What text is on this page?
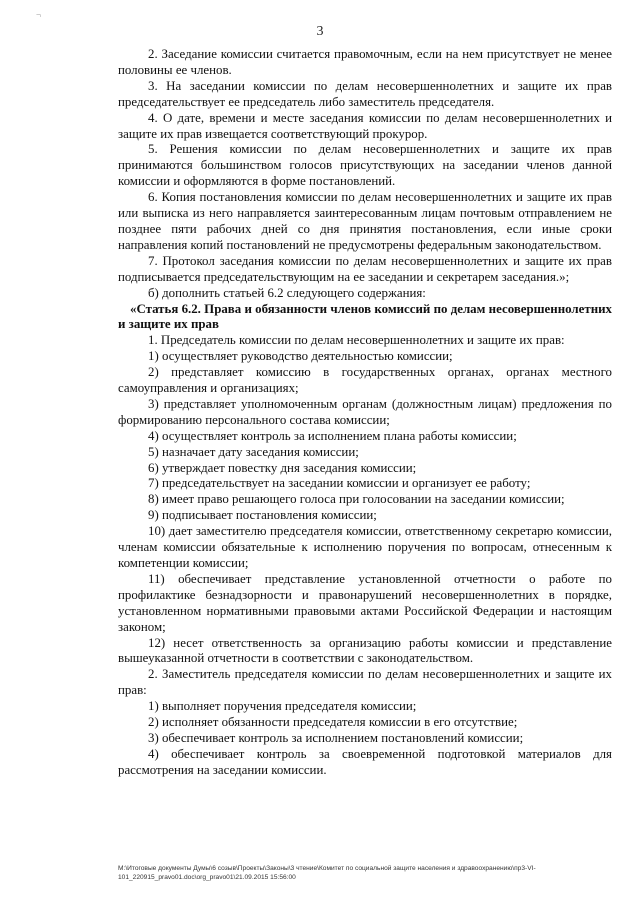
¬
3

2. Заседание комиссии считается правомочным, если на нем присутствует не менее половины ее членов.

3. На заседании комиссии по делам несовершеннолетних и защите их прав председательствует ее председатель либо заместитель председателя.

4. О дате, времени и месте заседания комиссии по делам несовершеннолетних и защите их прав извещается соответствующий прокурор.

5. Решения комиссии по делам несовершеннолетних и защите их прав принимаются большинством голосов присутствующих на заседании членов данной комиссии и оформляются в форме постановлений.

6. Копия постановления комиссии по делам несовершеннолетних и защите их прав или выписка из него направляется заинтересованным лицам почтовым отправлением не позднее пяти рабочих дней со дня принятия постановления, если иные сроки направления копий постановлений не предусмотрены федеральным законодательством.

7. Протокол заседания комиссии по делам несовершеннолетних и защите их прав подписывается председательствующим на ее заседании и секретарем заседания.»;

б) дополнить статьей 6.2 следующего содержания:

«Статья 6.2. Права и обязанности членов комиссий по делам несовершеннолетних и защите их прав

1. Председатель комиссии по делам несовершеннолетних и защите их прав:

1) осуществляет руководство деятельностью комиссии;

2) представляет комиссию в государственных органах, органах местного самоуправления и организациях;

3) представляет уполномоченным органам (должностным лицам) предложения по формированию персонального состава комиссии;

4) осуществляет контроль за исполнением плана работы комиссии;

5) назначает дату заседания комиссии;

6) утверждает повестку дня заседания комиссии;

7) председательствует на заседании комиссии и организует ее работу;

8) имеет право решающего голоса при голосовании на заседании комиссии;

9) подписывает постановления комиссии;

10) дает заместителю председателя комиссии, ответственному секретарю комиссии, членам комиссии обязательные к исполнению поручения по вопросам, отнесенным к компетенции комиссии;

11) обеспечивает представление установленной отчетности о работе по профилактике безнадзорности и правонарушений несовершеннолетних в порядке, установленном нормативными правовыми актами Российской Федерации и настоящим законом;

12) несет ответственность за организацию работы комиссии и представление вышеуказанной отчетности в соответствии с законодательством.

2. Заместитель председателя комиссии по делам несовершеннолетних и защите их прав:

1) выполняет поручения председателя комиссии;

2) исполняет обязанности председателя комиссии в его отсутствие;

3) обеспечивает контроль за исполнением постановлений комиссии;

4) обеспечивает контроль за своевременной подготовкой материалов для рассмотрения на заседании комиссии.

M:\Итоговые документы Думы\6 созыв\Проекты\Законы\3 чтение\Комитет по социальной защите населения и здравоохранению\пр3-VI-101_220915_pravo01.doc\org_pravo01\21.09.2015 15:56:00
